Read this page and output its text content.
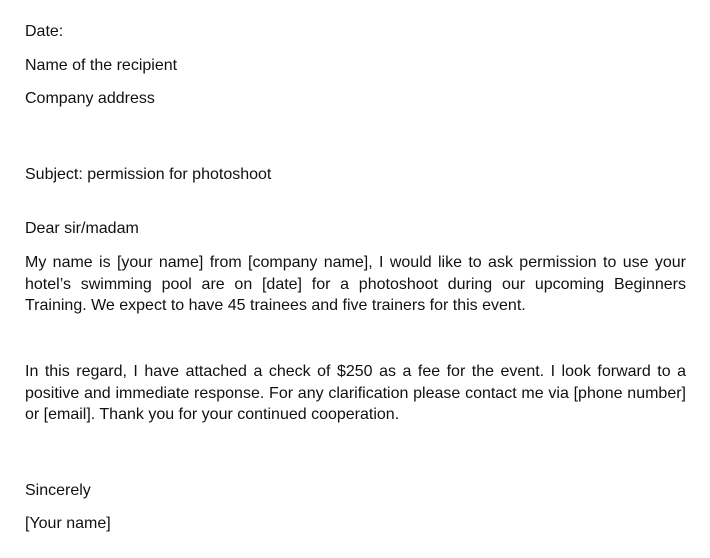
Date:
Name of the recipient
Company address
Subject: permission for photoshoot
Dear sir/madam
My name is [your name] from [company name], I would like to ask permission to use your hotel’s swimming pool are on [date] for a photoshoot during our upcoming Beginners Training. We expect to have 45 trainees and five trainers for this event.
In this regard, I have attached a check of $250 as a fee for the event. I look forward to a positive and immediate response. For any clarification please contact me via [phone number] or [email]. Thank you for your continued cooperation.
Sincerely
[Your name]
